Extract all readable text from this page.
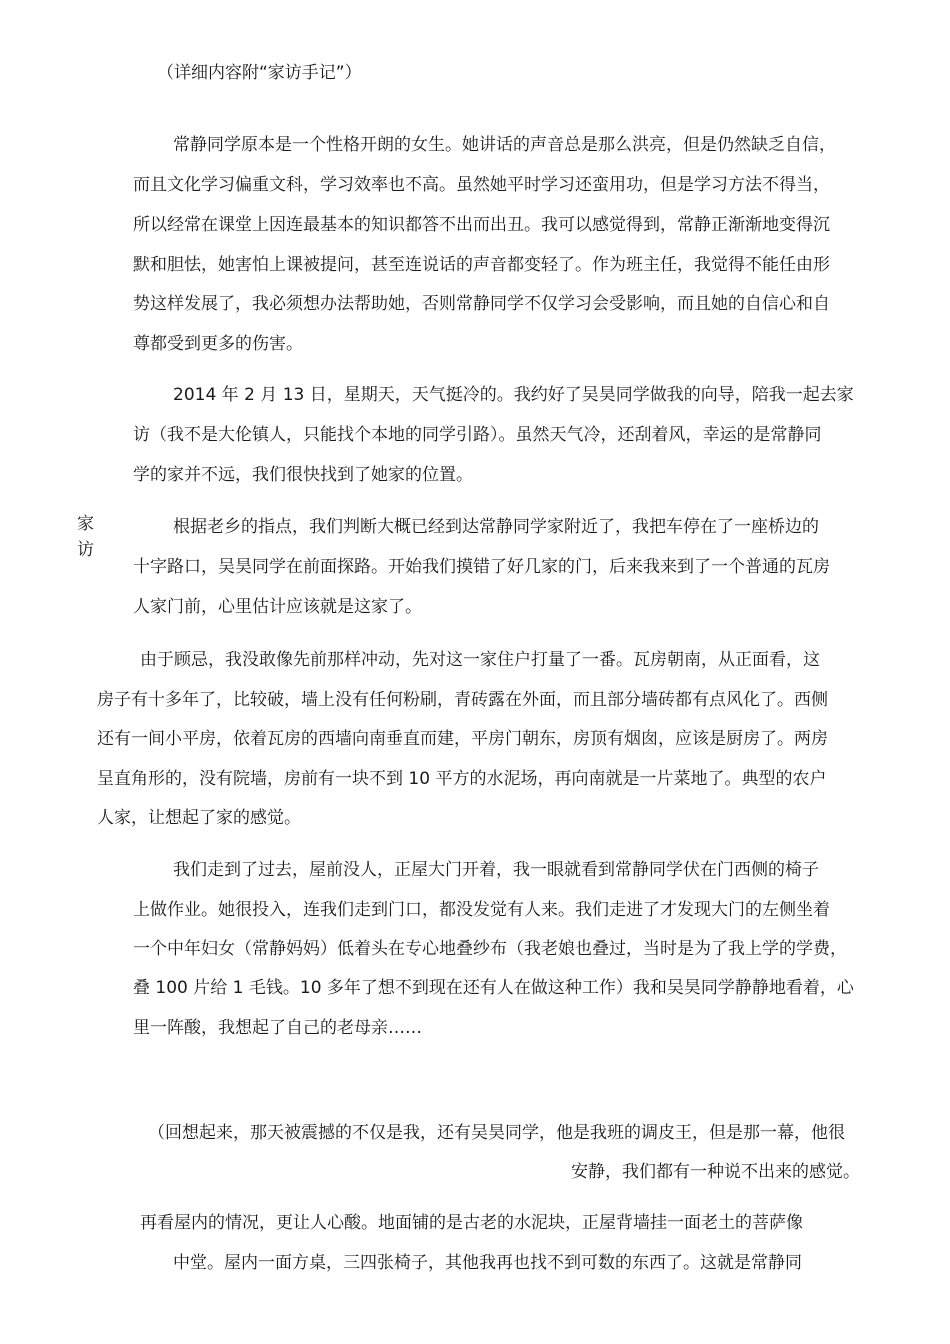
（详细内容附“家访手记”）
常静同学原本是一个性格开朗的女生。她讲话的声音总是那么洪亮，但是仍然缺乏自信，
而且文化学习偏重文科，学习效率也不高。虽然她平时学习还蛮用功，但是学习方法不得当，
所以经常在课堂上因连最基本的知识都答不出而出丑。我可以感觉得到，常静正渐渐地变得沉
默和胆怯，她害怕上课被提问，甚至连说话的声音都变轻了。作为班主任，我觉得不能任由形
势这样发展了，我必须想办法帮助她，否则常静同学不仅学习会受影响，而且她的自信心和自
尊都受到更多的伤害。
2014 年 2 月 13 日，星期天，天气挺冷的。我约好了吴昊同学做我的向导，陪我一起去家
访（我不是大伦镇人，只能找个本地的同学引路）。虽然天气冷，还刮着风，幸运的是常静同
学的家并不远，我们很快找到了她家的位置。
家
访
根据老乡的指点，我们判断大概已经到达常静同学家附近了，我把车停在了一座桥边的
十字路口，吴昊同学在前面探路。开始我们摸错了好几家的门，后来我来到了一个普通的瓦房
人家门前，心里估计应该就是这家了。
由于顾忌，我没敢像先前那样冲动，先对这一家住户打量了一番。瓦房朝南，从正面看，这
房子有十多年了，比较破，墙上没有任何粉刷，青砖露在外面，而且部分墙砖都有点风化了。西侧
还有一间小平房，依着瓦房的西墙向南垂直而建，平房门朝东，房顶有烟囱，应该是厨房了。两房
呈直角形的，没有院墙，房前有一块不到 10 平方的水泥场，再向南就是一片菜地了。典型的农户
人家，让想起了家的感觉。
我们走到了过去，屋前没人，正屋大门开着，我一眼就看到常静同学伏在门西侧的椅子
上做作业。她很投入，连我们走到门口，都没发觉有人来。我们走进了才发现大门的左侧坐着
一个中年妇女（常静妈妈）低着头在专心地叠纱布（我老娘也叠过，当时是为了我上学的学费，
叠 100 片给 1 毛钱。10 多年了想不到现在还有人在做这种工作）我和吴昊同学静静地看着，心
里一阵酸，我想起了自己的老母亲……
（回想起来，那天被震撼的不仅是我，还有吴昊同学，他是我班的调皮王，但是那一幕，他很
安静，我们都有一种说不出来的感觉。
再看屋内的情况，更让人心酸。地面铺的是古老的水泥块，正屋背墙挂一面老土的菩萨像
中堂。屋内一面方桌，三四张椅子，其他我再也找不到可数的东西了。这就是常静同
